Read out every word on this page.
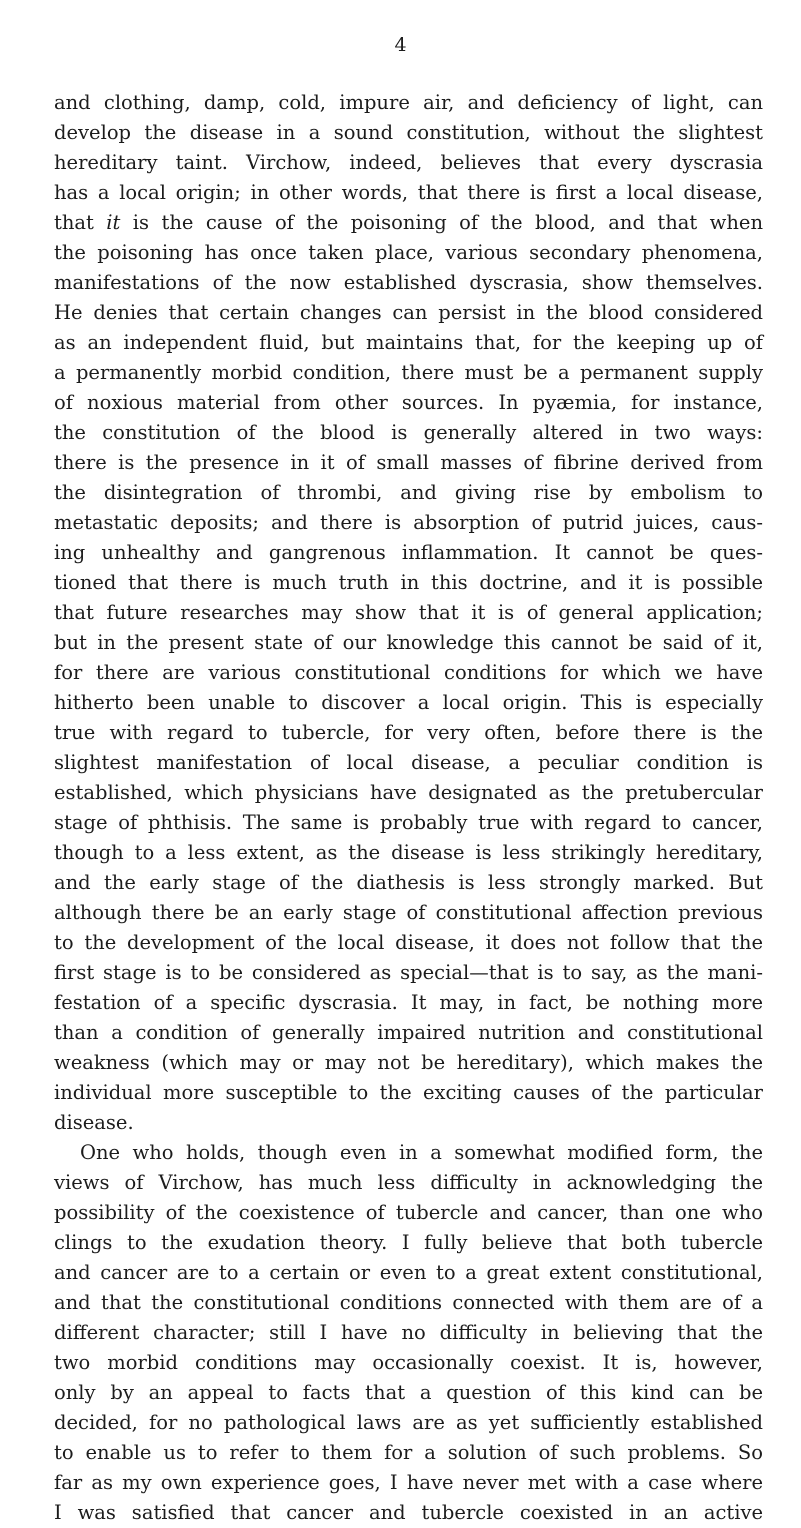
4
and clothing, damp, cold, impure air, and deficiency of light, can
develop the disease in a sound constitution, without the slightest
hereditary taint. Virchow, indeed, believes that every dyscrasia
has a local origin; in other words, that there is first a local disease,
that it is the cause of the poisoning of the blood, and that when
the poisoning has once taken place, various secondary phenomena,
manifestations of the now established dyscrasia, show themselves.
He denies that certain changes can persist in the blood considered
as an independent fluid, but maintains that, for the keeping up of
a permanently morbid condition, there must be a permanent supply
of noxious material from other sources. In pyæmia, for instance,
the constitution of the blood is generally altered in two ways:
there is the presence in it of small masses of fibrine derived from
the disintegration of thrombi, and giving rise by embolism to
metastatic deposits; and there is absorption of putrid juices, caus-
ing unhealthy and gangrenous inflammation. It cannot be ques-
tioned that there is much truth in this doctrine, and it is possible
that future researches may show that it is of general application;
but in the present state of our knowledge this cannot be said of it,
for there are various constitutional conditions for which we have
hitherto been unable to discover a local origin. This is especially
true with regard to tubercle, for very often, before there is the
slightest manifestation of local disease, a peculiar condition is
established, which physicians have designated as the pretubercular
stage of phthisis. The same is probably true with regard to cancer,
though to a less extent, as the disease is less strikingly hereditary,
and the early stage of the diathesis is less strongly marked. But
although there be an early stage of constitutional affection previous
to the development of the local disease, it does not follow that the
first stage is to be considered as special—that is to say, as the mani-
festation of a specific dyscrasia. It may, in fact, be nothing more
than a condition of generally impaired nutrition and constitutional
weakness (which may or may not be hereditary), which makes the
individual more susceptible to the exciting causes of the particular
disease.
One who holds, though even in a somewhat modified form, the
views of Virchow, has much less difficulty in acknowledging the
possibility of the coexistence of tubercle and cancer, than one who
clings to the exudation theory. I fully believe that both tubercle
and cancer are to a certain or even to a great extent constitutional,
and that the constitutional conditions connected with them are of a
different character; still I have no difficulty in believing that the
two morbid conditions may occasionally coexist. It is, however,
only by an appeal to facts that a question of this kind can be
decided, for no pathological laws are as yet sufficiently established
to enable us to refer to them for a solution of such problems. So
far as my own experience goes, I have never met with a case where
I was satisfied that cancer and tubercle coexisted in an active
